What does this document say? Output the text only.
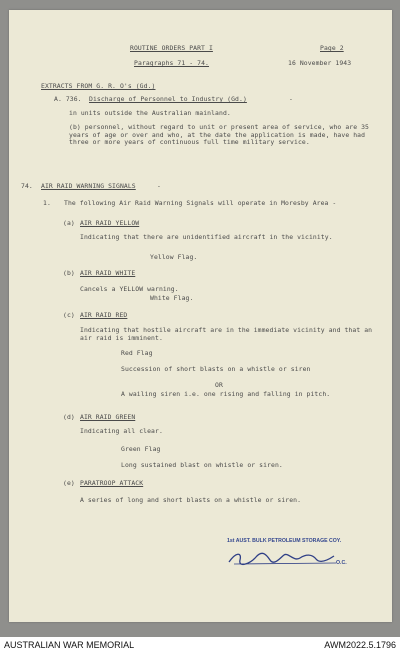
ROUTINE ORDERS PART I	Page 2
Paragraphs 71 - 74.	16 November 1943
EXTRACTS FROM G. R. O's (Gd.)
A. 736. Discharge of Personnel to Industry (Gd.)	-
in units outside the Australian mainland.
(b) personnel, without regard to unit or present area of service, who are 35 years of age or over and who, at the date the application is made, have had three or more years of continuous full time military service.
74. AIR RAID WARNING SIGNALS	-
1. The following Air Raid Warning Signals will operate in Moresby Area -
(a) AIR RAID YELLOW
Indicating that there are unidentified aircraft in the vicinity.
Yellow Flag.
(b) AIR RAID WHITE
Cancels a YELLOW warning.
White Flag.
(c) AIR RAID RED
Indicating that hostile aircraft are in the immediate vicinity and that an air raid is imminent.
Red Flag
Succession of short blasts on a whistle or siren
OR
A wailing siren i.e. one rising and falling in pitch.
(d) AIR RAID GREEN
Indicating all clear.
Green Flag
Long sustained blast on whistle or siren.
(e) PARATROOP ATTACK
A series of long and short blasts on a whistle or siren.
1st AUST. BULK PETROLEUM STORAGE COY.
O.C.
AUSTRALIAN WAR MEMORIAL	AWM2022.5.1796
